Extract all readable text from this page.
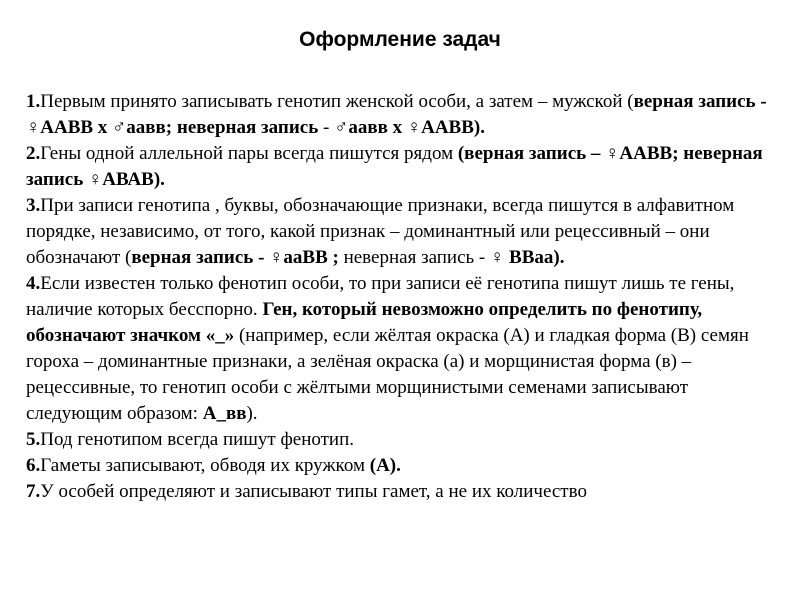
Оформление задач

1.Первым принято записывать генотип женской особи, а затем – мужской (верная запись - ♀ААВВ х ♂аавв; неверная запись - ♂аавв х ♀ААВВ).

2.Гены одной аллельной пары всегда пишутся рядом (верная запись – ♀ААВВ; неверная запись ♀АВАВ).

3.При записи генотипа , буквы, обозначающие признаки, всегда пишутся в алфавитном порядке, независимо, от того, какой признак – доминантный или рецессивный – они обозначают (верная запись - ♀ааВВ ; неверная запись - ♀ ВВаа).

4.Если известен только фенотип особи, то при записи её генотипа пишут лишь те гены, наличие которых бесспорно. Ген, который невозможно определить по фенотипу, обозначают значком «_» (например, если жёлтая окраска (А) и гладкая форма (В) семян гороха – доминантные признаки, а зелёная окраска (а) и морщинистая форма (в) – рецессивные, то генотип особи с жёлтыми морщинистыми семенами записывают следующим образом: А_вв).

5.Под генотипом всегда пишут фенотип.

6.Гаметы записывают, обводя их кружком (А).

7.У особей определяют и записывают типы гамет, а не их количество
